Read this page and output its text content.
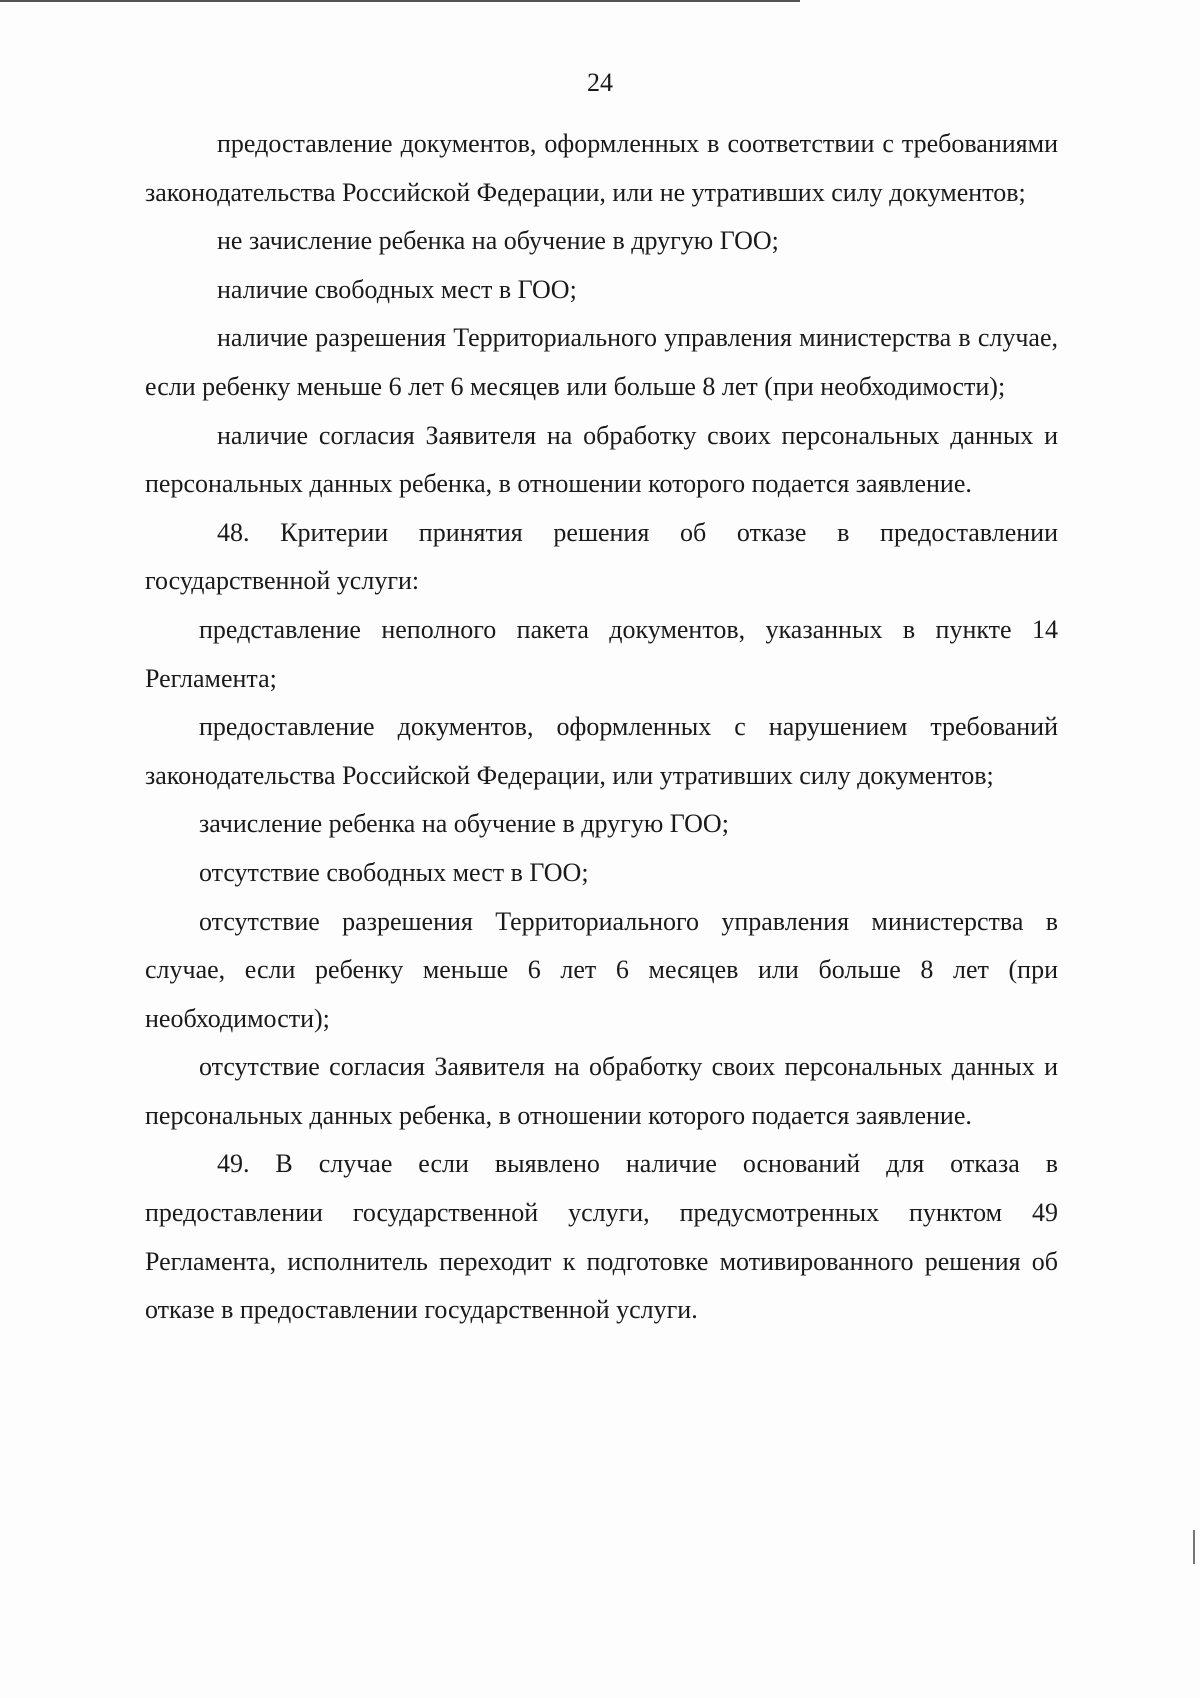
24

предоставление документов, оформленных в соответствии с требованиями законодательства Российской Федерации, или не утративших силу документов;

не зачисление ребенка на обучение в другую ГОО;

наличие свободных мест в ГОО;

наличие разрешения Территориального управления министерства в случае, если ребенку меньше 6 лет 6 месяцев или больше 8 лет (при необходимости);

наличие согласия Заявителя на обработку своих персональных данных и персональных данных ребенка, в отношении которого подается заявление.

48. Критерии принятия решения об отказе в предоставлении государственной услуги:

представление неполного пакета документов, указанных в пункте 14 Регламента;

предоставление документов, оформленных с нарушением требований законодательства Российской Федерации, или утративших силу документов;

зачисление ребенка на обучение в другую ГОО;

отсутствие свободных мест в ГОО;

отсутствие разрешения Территориального управления министерства в случае, если ребенку меньше 6 лет 6 месяцев или больше 8 лет (при необходимости);

отсутствие согласия Заявителя на обработку своих персональных данных и персональных данных ребенка, в отношении которого подается заявление.

49. В случае если выявлено наличие оснований для отказа в предоставлении государственной услуги, предусмотренных пунктом 49 Регламента, исполнитель переходит к подготовке мотивированного решения об отказе в предоставлении государственной услуги.
